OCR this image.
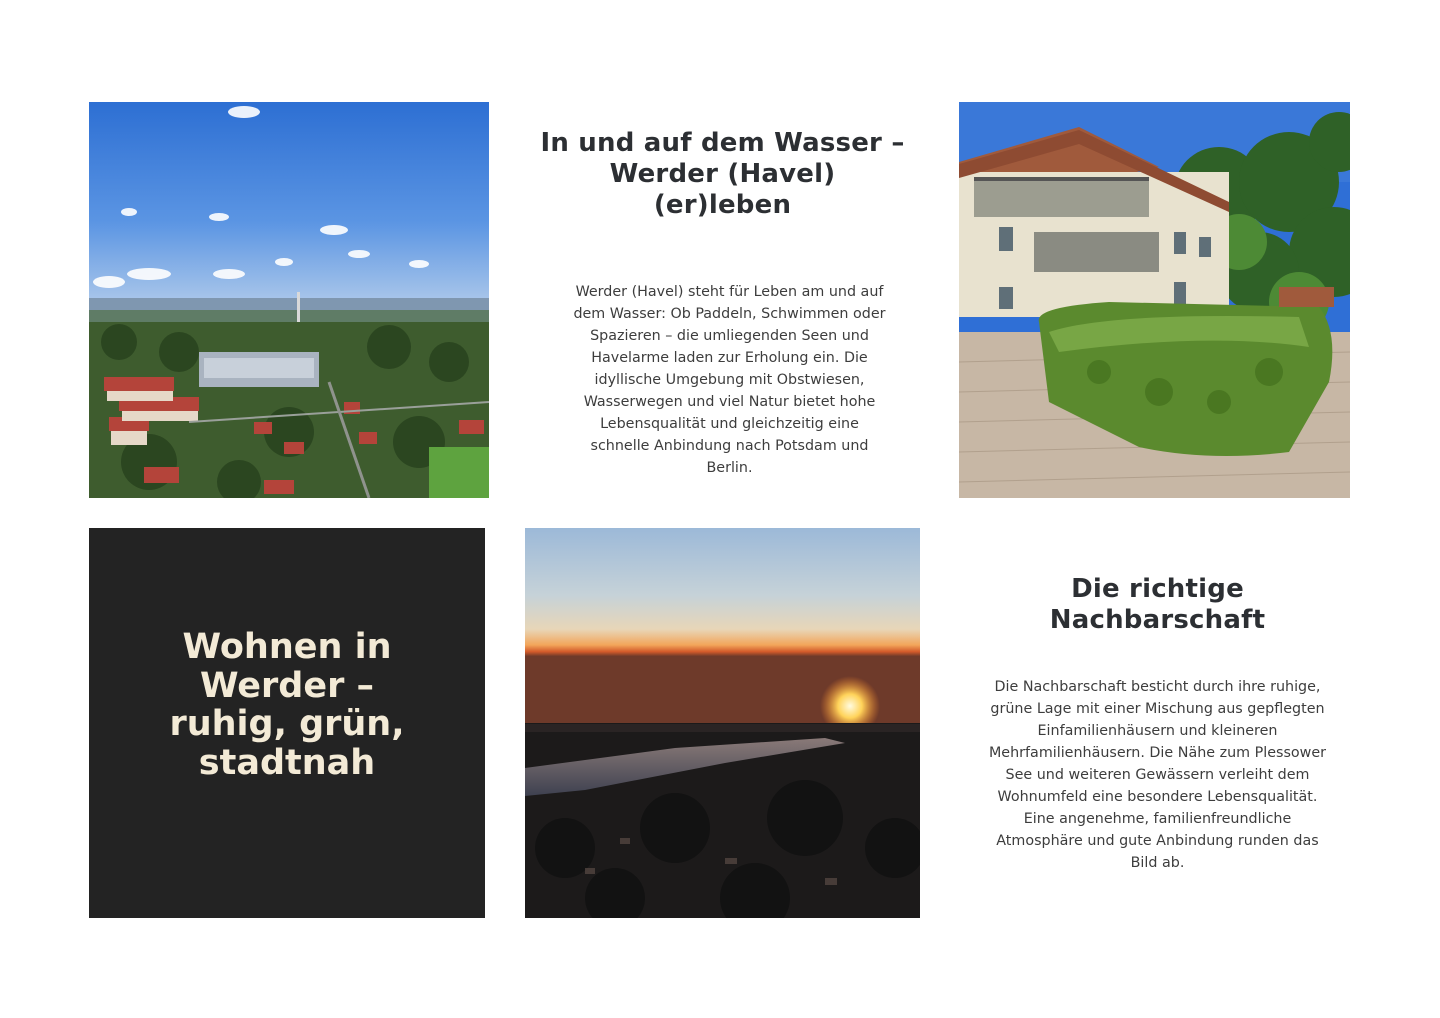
In und auf dem Wasser – Werder (Havel) (er)leben

Werder (Havel) steht für Leben am und auf dem Wasser: Ob Paddeln, Schwimmen oder Spazieren – die umliegenden Seen und Havelarme laden zur Erholung ein. Die idyllische Umgebung mit Obstwiesen, Wasserwegen und viel Natur bietet hohe Lebensqualität und gleichzeitig eine schnelle Anbindung nach Potsdam und Berlin.

Wohnen in Werder – ruhig, grün, stadtnah
Die richtige Nachbarschaft

Die Nachbarschaft besticht durch ihre ruhige, grüne Lage mit einer Mischung aus gepflegten Einfamilienhäusern und kleineren Mehrfamilienhäusern. Die Nähe zum Plessower See und weiteren Gewässern verleiht dem Wohnumfeld eine besondere Lebensqualität. Eine angenehme, familienfreundliche Atmosphäre und gute Anbindung runden das Bild ab.
